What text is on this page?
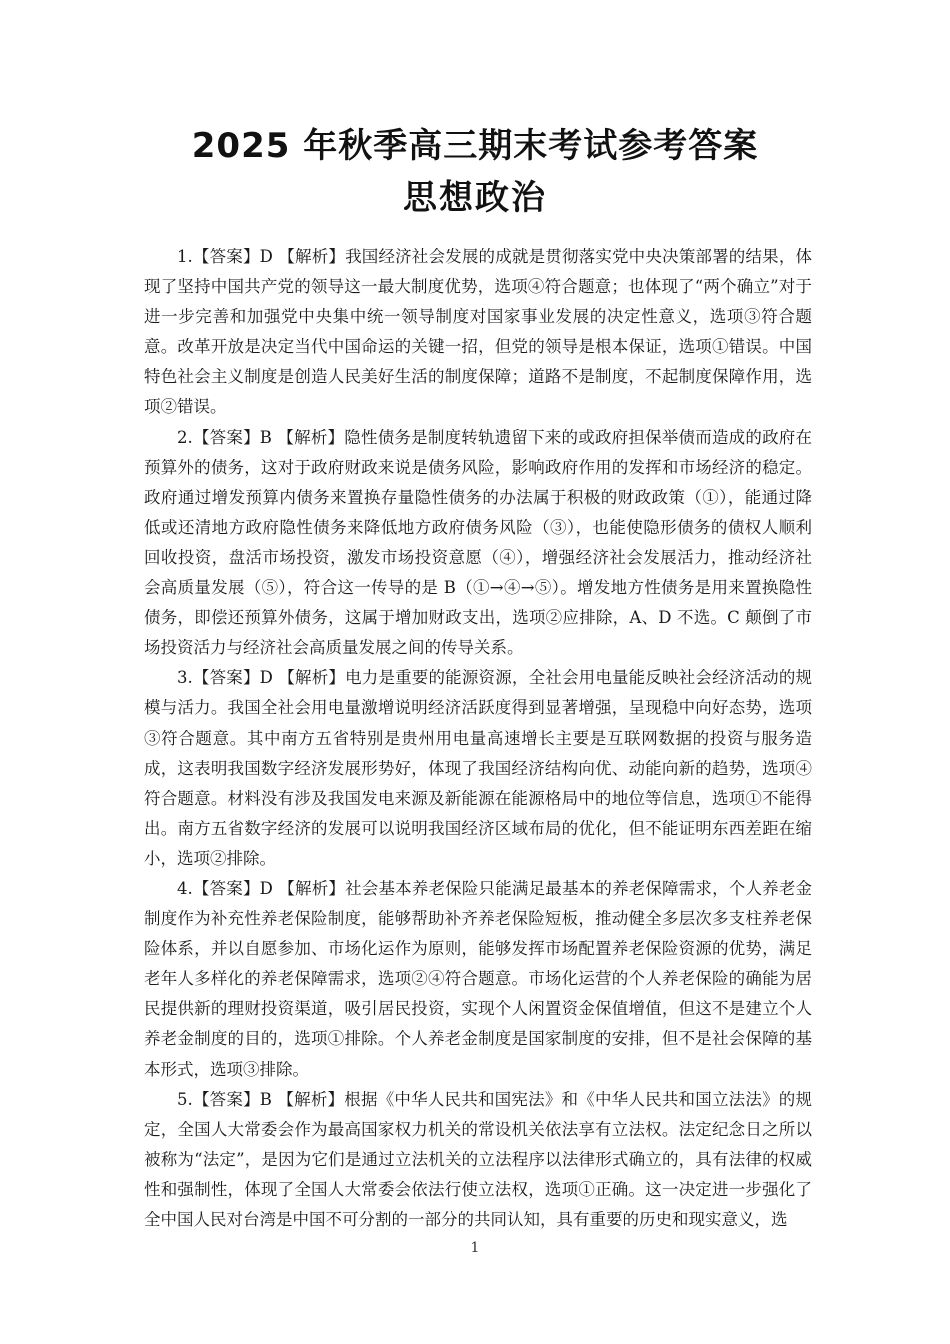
2025 年秋季高三期末考试参考答案
思想政治

1.【答案】D 【解析】我国经济社会发展的成就是贯彻落实党中央决策部署的结果，体现了坚持中国共产党的领导这一最大制度优势，选项④符合题意；也体现了“两个确立”对于进一步完善和加强党中央集中统一领导制度对国家事业发展的决定性意义，选项③符合题意。改革开放是决定当代中国命运的关键一招，但党的领导是根本保证，选项①错误。中国特色社会主义制度是创造人民美好生活的制度保障；道路不是制度，不起制度保障作用，选项②错误。

2.【答案】B 【解析】隐性债务是制度转轨遗留下来的或政府担保举债而造成的政府在预算外的债务，这对于政府财政来说是债务风险，影响政府作用的发挥和市场经济的稳定。政府通过增发预算内债务来置换存量隐性债务的办法属于积极的财政政策（①），能通过降低或还清地方政府隐性债务来降低地方政府债务风险（③），也能使隐形债务的债权人顺利回收投资，盘活市场投资，激发市场投资意愿（④），增强经济社会发展活力，推动经济社会高质量发展（⑤），符合这一传导的是 B（①→④→⑤）。增发地方性债务是用来置换隐性债务，即偿还预算外债务，这属于增加财政支出，选项②应排除，A、D 不选。C 颠倒了市场投资活力与经济社会高质量发展之间的传导关系。

3.【答案】D 【解析】电力是重要的能源资源，全社会用电量能反映社会经济活动的规模与活力。我国全社会用电量激增说明经济活跃度得到显著增强，呈现稳中向好态势，选项③符合题意。其中南方五省特别是贵州用电量高速增长主要是互联网数据的投资与服务造成，这表明我国数字经济发展形势好，体现了我国经济结构向优、动能向新的趋势，选项④符合题意。材料没有涉及我国发电来源及新能源在能源格局中的地位等信息，选项①不能得出。南方五省数字经济的发展可以说明我国经济区域布局的优化，但不能证明东西差距在缩小，选项②排除。

4.【答案】D 【解析】社会基本养老保险只能满足最基本的养老保障需求，个人养老金制度作为补充性养老保险制度，能够帮助补齐养老保险短板，推动健全多层次多支柱养老保险体系，并以自愿参加、市场化运作为原则，能够发挥市场配置养老保险资源的优势，满足老年人多样化的养老保障需求，选项②④符合题意。市场化运营的个人养老保险的确能为居民提供新的理财投资渠道，吸引居民投资，实现个人闲置资金保值增值，但这不是建立个人养老金制度的目的，选项①排除。个人养老金制度是国家制度的安排，但不是社会保障的基本形式，选项③排除。

5.【答案】B 【解析】根据《中华人民共和国宪法》和《中华人民共和国立法法》的规定，全国人大常委会作为最高国家权力机关的常设机关依法享有立法权。法定纪念日之所以被称为“法定”，是因为它们是通过立法机关的立法程序以法律形式确立的，具有法律的权威性和强制性，体现了全国人大常委会依法行使立法权，选项①正确。这一决定进一步强化了全中国人民对台湾是中国不可分割的一部分的共同认知，具有重要的历史和现实意义，选

1
